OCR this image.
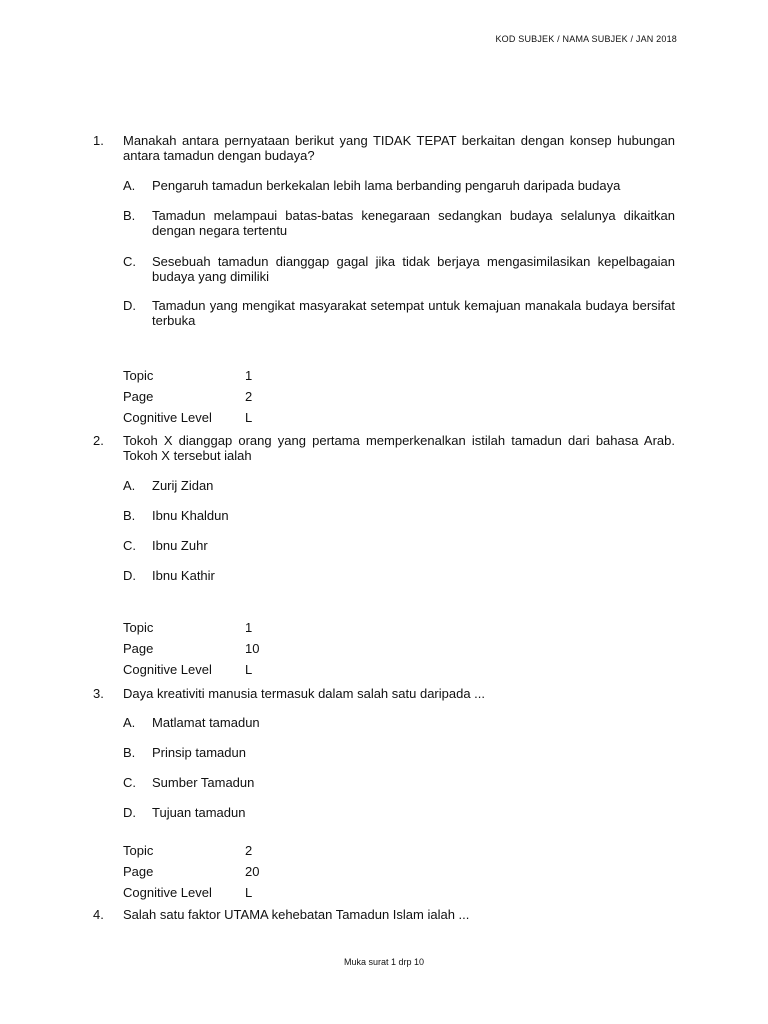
KOD SUBJEK / NAMA SUBJEK / JAN 2018
1. Manakah antara pernyataan berikut yang TIDAK TEPAT berkaitan dengan konsep hubungan antara tamadun dengan budaya?
A. Pengaruh tamadun berkekalan lebih lama berbanding pengaruh daripada budaya
B. Tamadun melampaui batas-batas kenegaraan sedangkan budaya selalunya dikaitkan dengan negara tertentu
C. Sesebuah tamadun dianggap gagal jika tidak berjaya mengasimilasikan kepelbagaian budaya yang dimiliki
D. Tamadun yang mengikat masyarakat setempat untuk kemajuan manakala budaya bersifat terbuka
Topic	1
Page	2
Cognitive Level	L
2. Tokoh X dianggap orang yang pertama memperkenalkan istilah tamadun dari bahasa Arab. Tokoh X tersebut ialah
A. Zurij Zidan
B. Ibnu Khaldun
C. Ibnu Zuhr
D. Ibnu Kathir
Topic	1
Page	10
Cognitive Level	L
3. Daya kreativiti manusia termasuk dalam salah satu daripada ...
A. Matlamat tamadun
B. Prinsip tamadun
C. Sumber Tamadun
D. Tujuan tamadun
Topic	2
Page	20
Cognitive Level	L
4. Salah satu faktor UTAMA kehebatan Tamadun Islam ialah ...
Muka surat 1 drp 10
